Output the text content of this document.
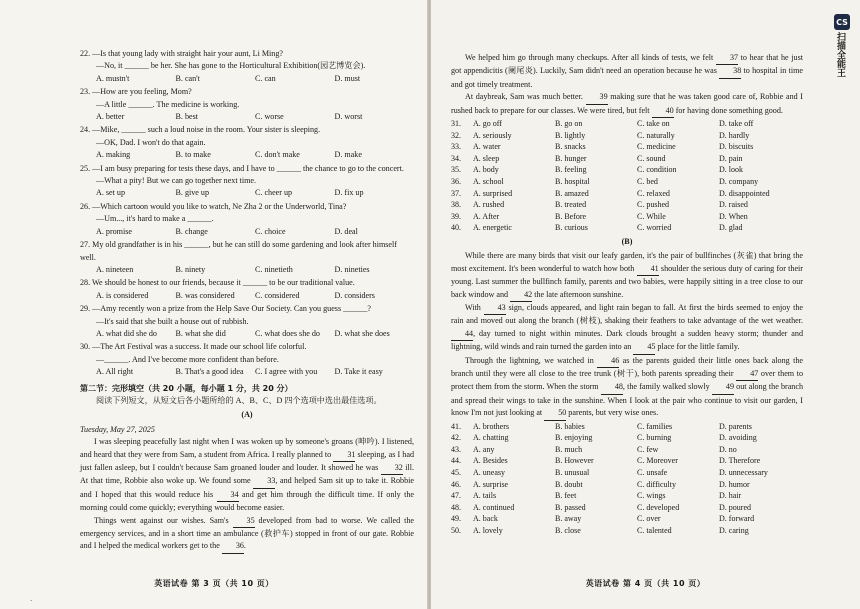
22. —Is that young lady with straight hair your aunt, Li Ming?
—No, it ______ be her. She has gone to the Horticultural Exhibition(园艺博览会).
A. mustn't	B. can't	C. can	D. must
23. —How are you feeling, Mom?
—A little ______. The medicine is working.
A. better	B. best	C. worse	D. worst
24. —Mike, ______ such a loud noise in the room. Your sister is sleeping.
—OK, Dad. I won't do that again.
A. making	B. to make	C. don't make	D. make
25. —I am busy preparing for tests these days, and I have to ______ the chance to go to the concert.
—What a pity! But we can go together next time.
A. set up	B. give up	C. cheer up	D. fix up
26. —Which cartoon would you like to watch, Ne Zha 2 or the Underworld, Tina?
—Um..., it's hard to make a ______.
A. promise	B. change	C. choice	D. deal
27. My old grandfather is in his ______, but he can still do some gardening and look after himself well.
A. nineteen	B. ninety	C. ninetieth	D. nineties
28. We should be honest to our friends, because it ______ to be our traditional value.
A. is considered	B. was considered	C. considered	D. considers
29. —Amy recently won a prize from the Help Save Our Society. Can you guess ______?
—It's said that she built a house out of rubbish.
A. what did she do	B. what she did	C. what does she do	D. what she does
30. —The Art Festival was a success. It made our school life colorful.
—______. And I've become more confident than before.
A. All right	B. That's a good idea	C. I agree with you	D. Take it easy
第二节：完形填空（共 20 小题，每小题 1 分，共 20 分）
阅读下列短文，从短文后各小题所给的 A、B、C、D 四个选项中选出最佳选项。
(A)
Tuesday, May 27, 2025

I was sleeping peacefully last night when I was woken up by someone's groans (呻吟). I listened, and heard that they were from Sam, a student from Africa. I really planned to 31 sleeping, as I had just fallen asleep, but I couldn't because Sam groaned louder and louder. It showed he was 32 ill. At that time, Robbie also woke up. We found some 33, and helped Sam sit up to take it. Robbie and I hoped that this would reduce his 34 and get him through the difficult time. If only the morning could come quickly; everything would become easier.

Things went against our wishes. Sam's 35 developed from bad to worse. We called the emergency services, and in a short time an ambulance (救护车) stopped in front of our gate. Robbie and I helped the medical workers get to the 36.

英语试卷 第 3 页（共 10 页）
·

We helped him go through many checkups. After all kinds of tests, we felt 37 to hear that he just got appendicitis (阑尾炎). Luckily, Sam didn't need an operation because he was 38 to hospital in time and got timely treatment.

At daybreak, Sam was much better. 39 making sure that he was taken good care of, Robbie and I rushed back to prepare for our classes. We were tired, but felt 40 for having done something good.

31.	A. go off	B. go on	C. take on	D. take off
32.	A. seriously	B. lightly	C. naturally	D. hardly
33.	A. water	B. snacks	C. medicine	D. biscuits
34.	A. sleep	B. hunger	C. sound	D. pain
35.	A. body	B. feeling	C. condition	D. look
36.	A. school	B. hospital	C. bed	D. company
37.	A. surprised	B. amazed	C. relaxed	D. disappointed
38.	A. rushed	B. treated	C. pushed	D. raised
39.	A. After	B. Before	C. While	D. When
40.	A. energetic	B. curious	C. worried	D. glad
(B)

While there are many birds that visit our leafy garden, it's the pair of bullfinches (灰雀) that bring the most excitement. It's been wonderful to watch how both 41 shoulder the serious duty of caring for their young. Last summer the bullfinch family, parents and two babies, were happily sitting in a tree close to our back window and 42 the late afternoon sunshine.

With 43 sign, clouds appeared, and light rain began to fall. At first the birds seemed to enjoy the rain and moved out along the branch (树枝), shaking their feathers to take advantage of the wet weather. 44, day turned to night within minutes. Dark clouds brought a sudden heavy storm; thunder and lightning, wild winds and rain turned the garden into an 45 place for the little family.

Through the lightning, we watched in 46 as the parents guided their little ones back along the branch until they were all close to the tree trunk (树干), both parents spreading their 47 over them to protect them from the storm. When the storm 48, the family walked slowly 49 out along the branch and spread their wings to take in the sunshine. When I look at the pair who continue to visit our garden, I know I'm not just looking at 50 parents, but very wise ones.

41.	A. brothers	B. babies	C. families	D. parents
42.	A. chatting	B. enjoying	C. burning	D. avoiding
43.	A. any	B. much	C. few	D. no
44.	A. Besides	B. However	C. Moreover	D. Therefore
45.	A. uneasy	B. unusual	C. unsafe	D. unnecessary
46.	A. surprise	B. doubt	C. difficulty	D. humor
47.	A. tails	B. feet	C. wings	D. hair
48.	A. continued	B. passed	C. developed	D. poured
49.	A. back	B. away	C. over	D. forward
50.	A. lovely	B. close	C. talented	D. caring
英语试卷 第 4 页（共 10 页）
CS
扫描全能王
